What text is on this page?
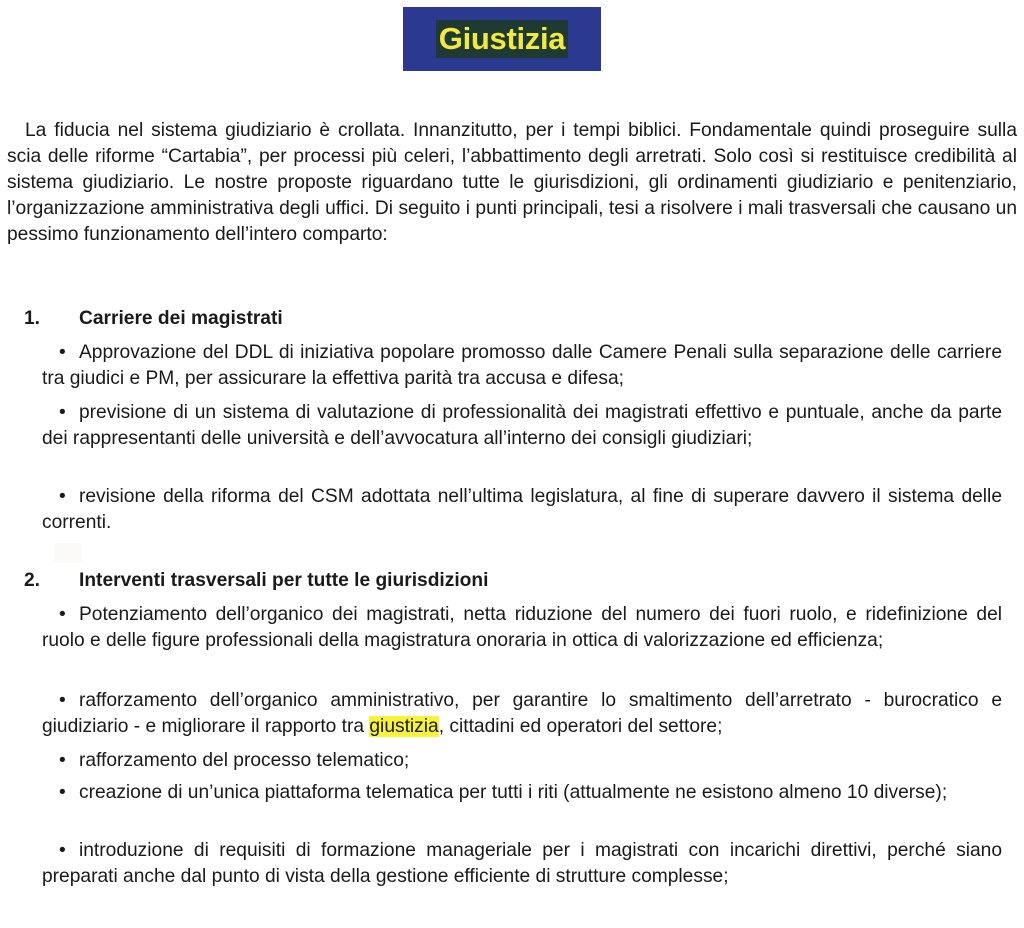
Giustizia

La fiducia nel sistema giudiziario è crollata. Innanzitutto, per i tempi biblici. Fondamentale quindi proseguire sulla scia delle riforme “Cartabia”, per processi più celeri, l’abbattimento degli arretrati. Solo così si restituisce credibilità al sistema giudiziario. Le nostre proposte riguardano tutte le giurisdizioni, gli ordinamenti giudiziario e penitenziario, l’organizzazione amministrativa degli uffici. Di seguito i punti principali, tesi a risolvere i mali trasversali che causano un pessimo funzionamento dell’intero comparto:

1.	Carriere dei magistrati

• Approvazione del DDL di iniziativa popolare promosso dalle Camere Penali sulla separazione delle carriere tra giudici e PM, per assicurare la effettiva parità tra accusa e difesa;

• previsione di un sistema di valutazione di professionalità dei magistrati effettivo e puntuale, anche da parte dei rappresentanti delle università e dell’avvocatura all’interno dei consigli giudiziari;

• revisione della riforma del CSM adottata nell’ultima legislatura, al fine di superare davvero il sistema delle correnti.

2.	Interventi trasversali per tutte le giurisdizioni

• Potenziamento dell’organico dei magistrati, netta riduzione del numero dei fuori ruolo, e ridefinizione del ruolo e delle figure professionali della magistratura onoraria in ottica di valorizzazione ed efficienza;

• rafforzamento dell’organico amministrativo, per garantire lo smaltimento dell’arretrato - burocratico e giudiziario - e migliorare il rapporto tra giustizia, cittadini ed operatori del settore;

• rafforzamento del processo telematico;

• creazione di un’unica piattaforma telematica per tutti i riti (attualmente ne esistono almeno 10 diverse);

• introduzione di requisiti di formazione manageriale per i magistrati con incarichi direttivi, perché siano preparati anche dal punto di vista della gestione efficiente di strutture complesse;
